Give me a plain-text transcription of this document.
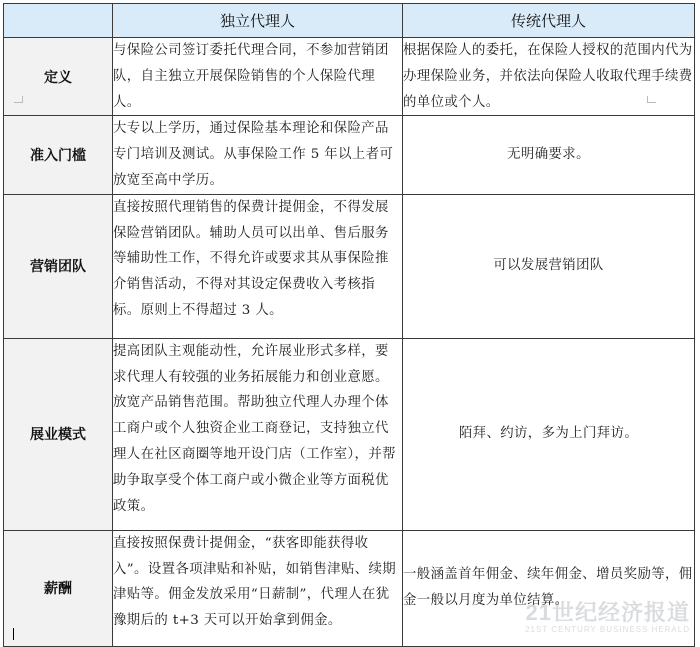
	独立代理人	传统代理人
定义	与保险公司签订委托代理合同，不参加营销团队，自主独立开展保险销售的个人保险代理人。	根据保险人的委托，在保险人授权的范围内代为办理保险业务，并依法向保险人收取代理手续费的单位或个人。
准入门槛	大专以上学历，通过保险基本理论和保险产品专门培训及测试。从事保险工作 5 年以上者可放宽至高中学历。	无明确要求。
营销团队	直接按照代理销售的保费计提佣金，不得发展保险营销团队。辅助人员可以出单、售后服务等辅助性工作，不得允许或要求其从事保险推介销售活动，不得对其设定保费收入考核指标。原则上不得超过 3 人。	可以发展营销团队
展业模式	提高团队主观能动性，允许展业形式多样，要求代理人有较强的业务拓展能力和创业意愿。放宽产品销售范围。帮助独立代理人办理个体工商户或个人独资企业工商登记，支持独立代理人在社区商圈等地开设门店（工作室），并帮助争取享受个体工商户或小微企业等方面税优政策。	陌拜、约访，多为上门拜访。
薪酬	直接按照保费计提佣金，“获客即能获得收入”。设置各项津贴和补贴，如销售津贴、续期津贴等。佣金发放采用“日薪制”，代理人在犹豫期后的 t+3 天可以开始拿到佣金。	一般涵盖首年佣金、续年佣金、增员奖励等，佣金一般以月度为单位结算。
21世纪经济报道
21ST CENTURY BUSINESS HERALD
